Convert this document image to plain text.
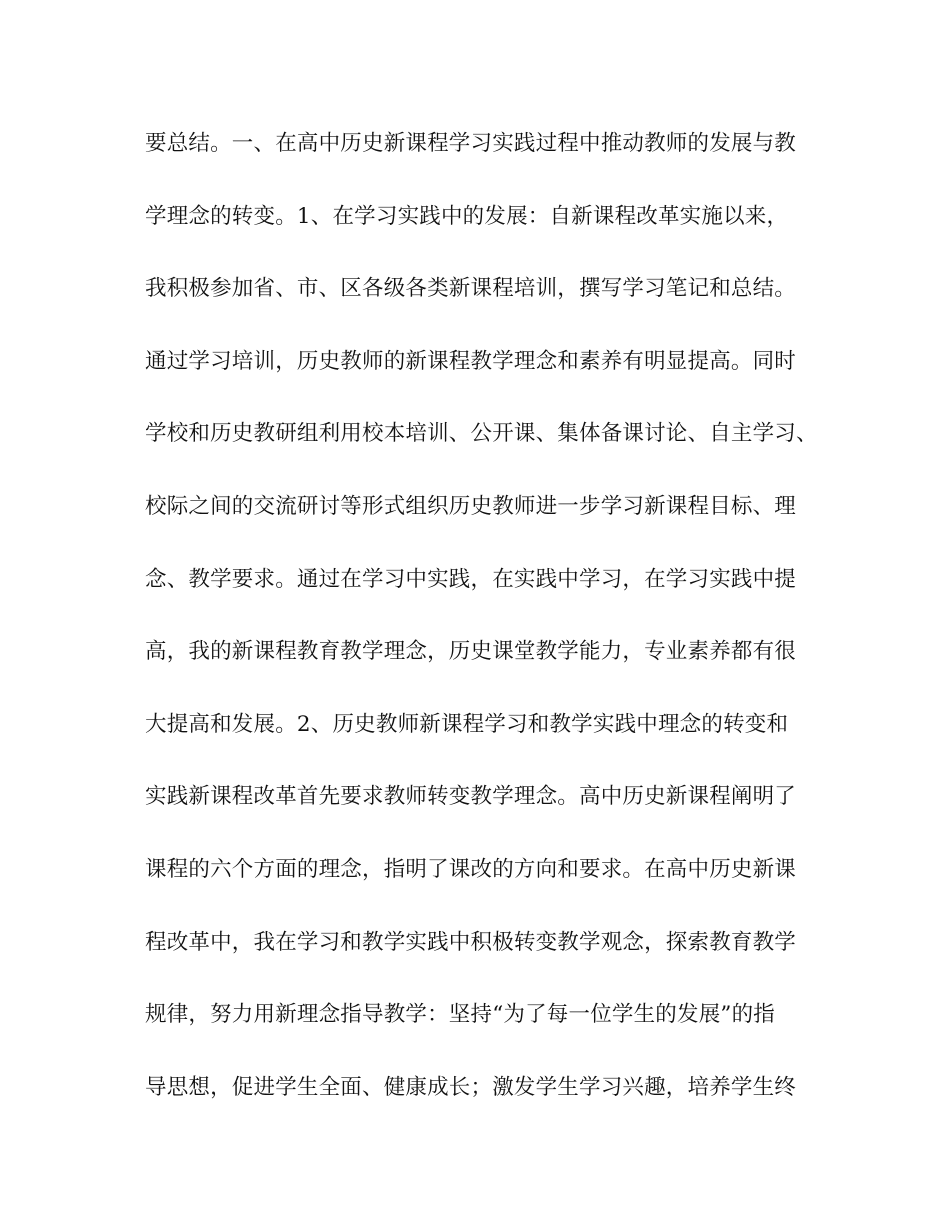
要总结。一、在高中历史新课程学习实践过程中推动教师的发展与教
学理念的转变。1、在学习实践中的发展：自新课程改革实施以来，
我积极参加省、市、区各级各类新课程培训，撰写学习笔记和总结。
通过学习培训，历史教师的新课程教学理念和素养有明显提高。同时
学校和历史教研组利用校本培训、公开课、集体备课讨论、自主学习、
校际之间的交流研讨等形式组织历史教师进一步学习新课程目标、理
念、教学要求。通过在学习中实践，在实践中学习，在学习实践中提
高，我的新课程教育教学理念，历史课堂教学能力，专业素养都有很
大提高和发展。2、历史教师新课程学习和教学实践中理念的转变和
实践新课程改革首先要求教师转变教学理念。高中历史新课程阐明了
课程的六个方面的理念，指明了课改的方向和要求。在高中历史新课
程改革中，我在学习和教学实践中积极转变教学观念，探索教育教学
规律，努力用新理念指导教学：坚持“为了每一位学生的发展”的指
导思想，促进学生全面、健康成长；激发学生学习兴趣，培养学生终
